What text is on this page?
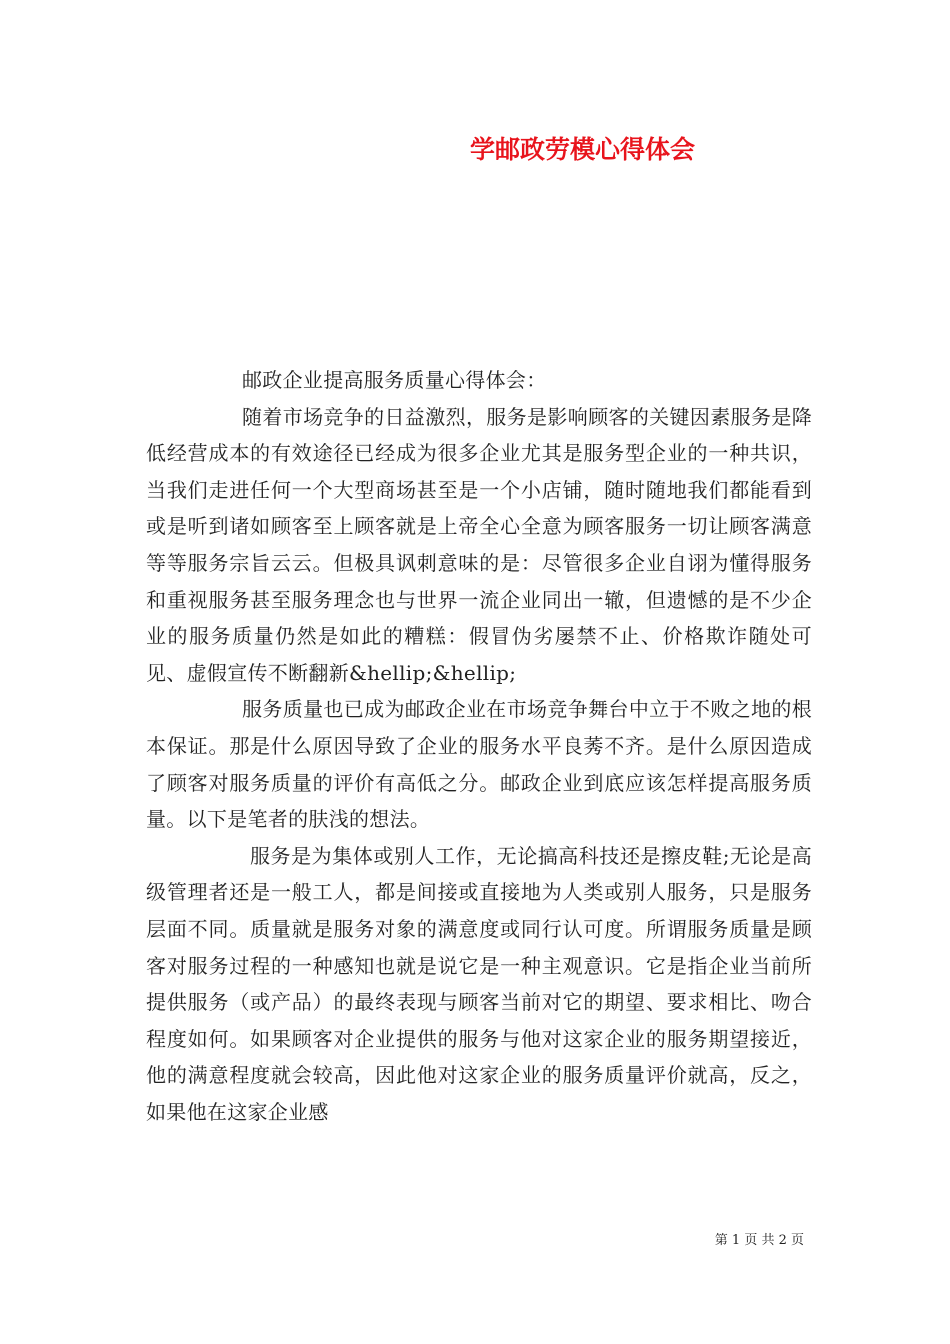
学邮政劳模心得体会

邮政企业提高服务质量心得体会：

随着市场竞争的日益激烈，服务是影响顾客的关键因素服务是降低经营成本的有效途径已经成为很多企业尤其是服务型企业的一种共识，当我们走进任何一个大型商场甚至是一个小店铺，随时随地我们都能看到或是听到诸如顾客至上顾客就是上帝全心全意为顾客服务一切让顾客满意等等服务宗旨云云。但极具讽刺意味的是：尽管很多企业自诩为懂得服务和重视服务甚至服务理念也与世界一流企业同出一辙，但遗憾的是不少企业的服务质量仍然是如此的糟糕：假冒伪劣屡禁不止、价格欺诈随处可见、虚假宣传不断翻新&hellip;&hellip;

服务质量也已成为邮政企业在市场竞争舞台中立于不败之地的根本保证。那是什么原因导致了企业的服务水平良莠不齐。是什么原因造成了顾客对服务质量的评价有高低之分。邮政企业到底应该怎样提高服务质量。以下是笔者的肤浅的想法。

服务是为集体或别人工作，无论搞高科技还是擦皮鞋;无论是高级管理者还是一般工人，都是间接或直接地为人类或别人服务，只是服务层面不同。质量就是服务对象的满意度或同行认可度。所谓服务质量是顾客对服务过程的一种感知也就是说它是一种主观意识。它是指企业当前所提供服务（或产品）的最终表现与顾客当前对它的期望、要求相比、吻合程度如何。如果顾客对企业提供的服务与他对这家企业的服务期望接近，他的满意程度就会较高，因此他对这家企业的服务质量评价就高，反之，如果他在这家企业感

第 1 页 共 2 页
